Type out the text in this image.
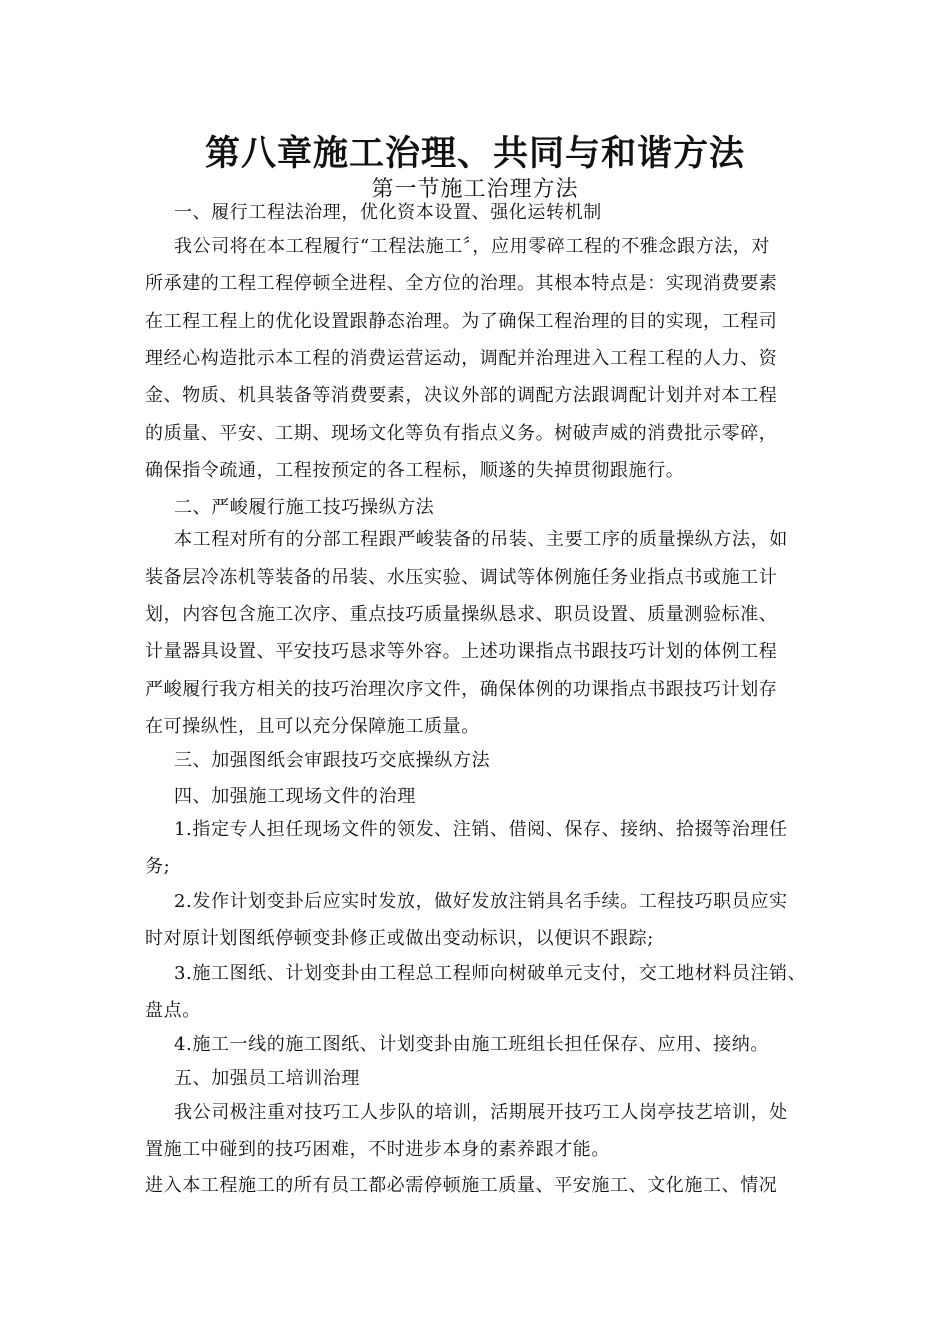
第八章施工治理、共同与和谐方法
第一节施工治理方法
一、履行工程法治理，优化资本设置、强化运转机制
我公司将在本工程履行“工程法施工〞，应用零碎工程的不雅念跟方法，对
所承建的工程工程停顿全进程、全方位的治理。其根本特点是：实现消费要素
在工程工程上的优化设置跟静态治理。为了确保工程治理的目的实现，工程司
理经心构造批示本工程的消费运营运动，调配并治理进入工程工程的人力、资
金、物质、机具装备等消费要素，决议外部的调配方法跟调配计划并对本工程
的质量、平安、工期、现场文化等负有指点义务。树破声威的消费批示零碎，
确保指令疏通，工程按预定的各工程标，顺遂的失掉贯彻跟施行。
二、严峻履行施工技巧操纵方法
本工程对所有的分部工程跟严峻装备的吊装、主要工序的质量操纵方法，如
装备层冷冻机等装备的吊装、水压实验、调试等体例施任务业指点书或施工计
划，内容包含施工次序、重点技巧质量操纵恳求、职员设置、质量测验标准、
计量器具设置、平安技巧恳求等外容。上述功课指点书跟技巧计划的体例工程
严峻履行我方相关的技巧治理次序文件，确保体例的功课指点书跟技巧计划存
在可操纵性，且可以充分保障施工质量。
三、加强图纸会审跟技巧交底操纵方法
四、加强施工现场文件的治理
1.指定专人担任现场文件的领发、注销、借阅、保存、接纳、拾掇等治理任
务;
2.发作计划变卦后应实时发放，做好发放注销具名手续。工程技巧职员应实
时对原计划图纸停顿变卦修正或做出变动标识，以便识不跟踪;
3.施工图纸、计划变卦由工程总工程师向树破单元支付，交工地材料员注销、
盘点。
4.施工一线的施工图纸、计划变卦由施工班组长担任保存、应用、接纳。
五、加强员工培训治理
我公司极注重对技巧工人步队的培训，活期展开技巧工人岗亭技艺培训，处
置施工中碰到的技巧困难，不时进步本身的素养跟才能。
进入本工程施工的所有员工都必需停顿施工质量、平安施工、文化施工、情况
